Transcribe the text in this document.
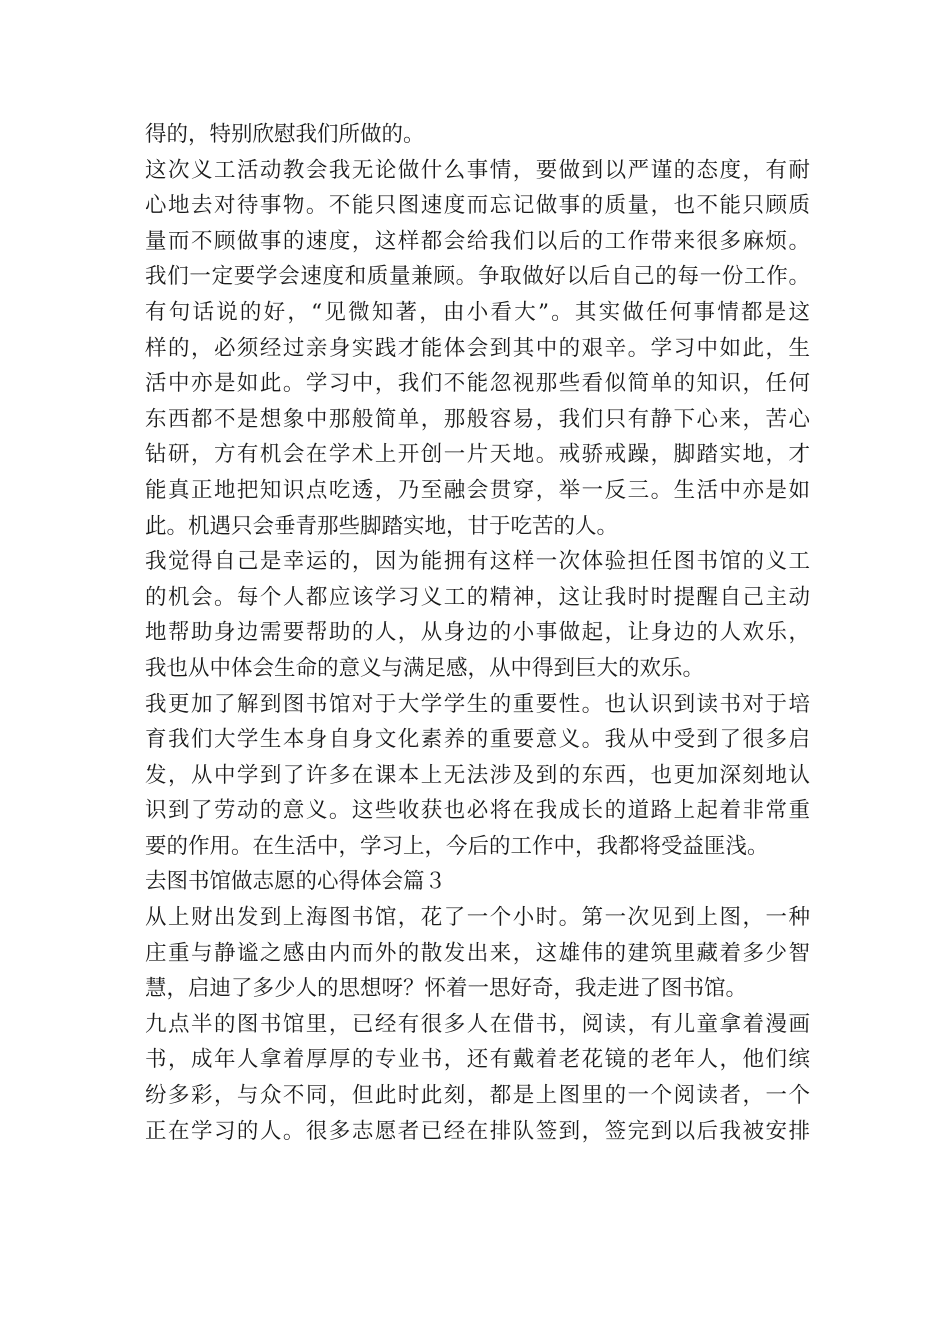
得的，特别欣慰我们所做的。
这次义工活动教会我无论做什么事情，要做到以严谨的态度，有耐
心地去对待事物。不能只图速度而忘记做事的质量，也不能只顾质
量而不顾做事的速度，这样都会给我们以后的工作带来很多麻烦。
我们一定要学会速度和质量兼顾。争取做好以后自己的每一份工作。
有句话说的好，“见微知著，由小看大”。其实做任何事情都是这
样的，必须经过亲身实践才能体会到其中的艰辛。学习中如此，生
活中亦是如此。学习中，我们不能忽视那些看似简单的知识，任何
东西都不是想象中那般简单，那般容易，我们只有静下心来，苦心
钻研，方有机会在学术上开创一片天地。戒骄戒躁，脚踏实地，才
能真正地把知识点吃透，乃至融会贯穿，举一反三。生活中亦是如
此。机遇只会垂青那些脚踏实地，甘于吃苦的人。
我觉得自己是幸运的，因为能拥有这样一次体验担任图书馆的义工
的机会。每个人都应该学习义工的精神，这让我时时提醒自己主动
地帮助身边需要帮助的人，从身边的小事做起，让身边的人欢乐，
我也从中体会生命的意义与满足感，从中得到巨大的欢乐。
我更加了解到图书馆对于大学学生的重要性。也认识到读书对于培
育我们大学生本身自身文化素养的重要意义。我从中受到了很多启
发，从中学到了许多在课本上无法涉及到的东西，也更加深刻地认
识到了劳动的意义。这些收获也必将在我成长的道路上起着非常重
要的作用。在生活中，学习上，今后的工作中，我都将受益匪浅。
去图书馆做志愿的心得体会篇３
从上财出发到上海图书馆，花了一个小时。第一次见到上图，一种
庄重与静谧之感由内而外的散发出来，这雄伟的建筑里藏着多少智
慧，启迪了多少人的思想呀？怀着一思好奇，我走进了图书馆。
九点半的图书馆里，已经有很多人在借书，阅读，有儿童拿着漫画
书，成年人拿着厚厚的专业书，还有戴着老花镜的老年人，他们缤
纷多彩，与众不同，但此时此刻，都是上图里的一个阅读者，一个
正在学习的人。很多志愿者已经在排队签到，签完到以后我被安排
